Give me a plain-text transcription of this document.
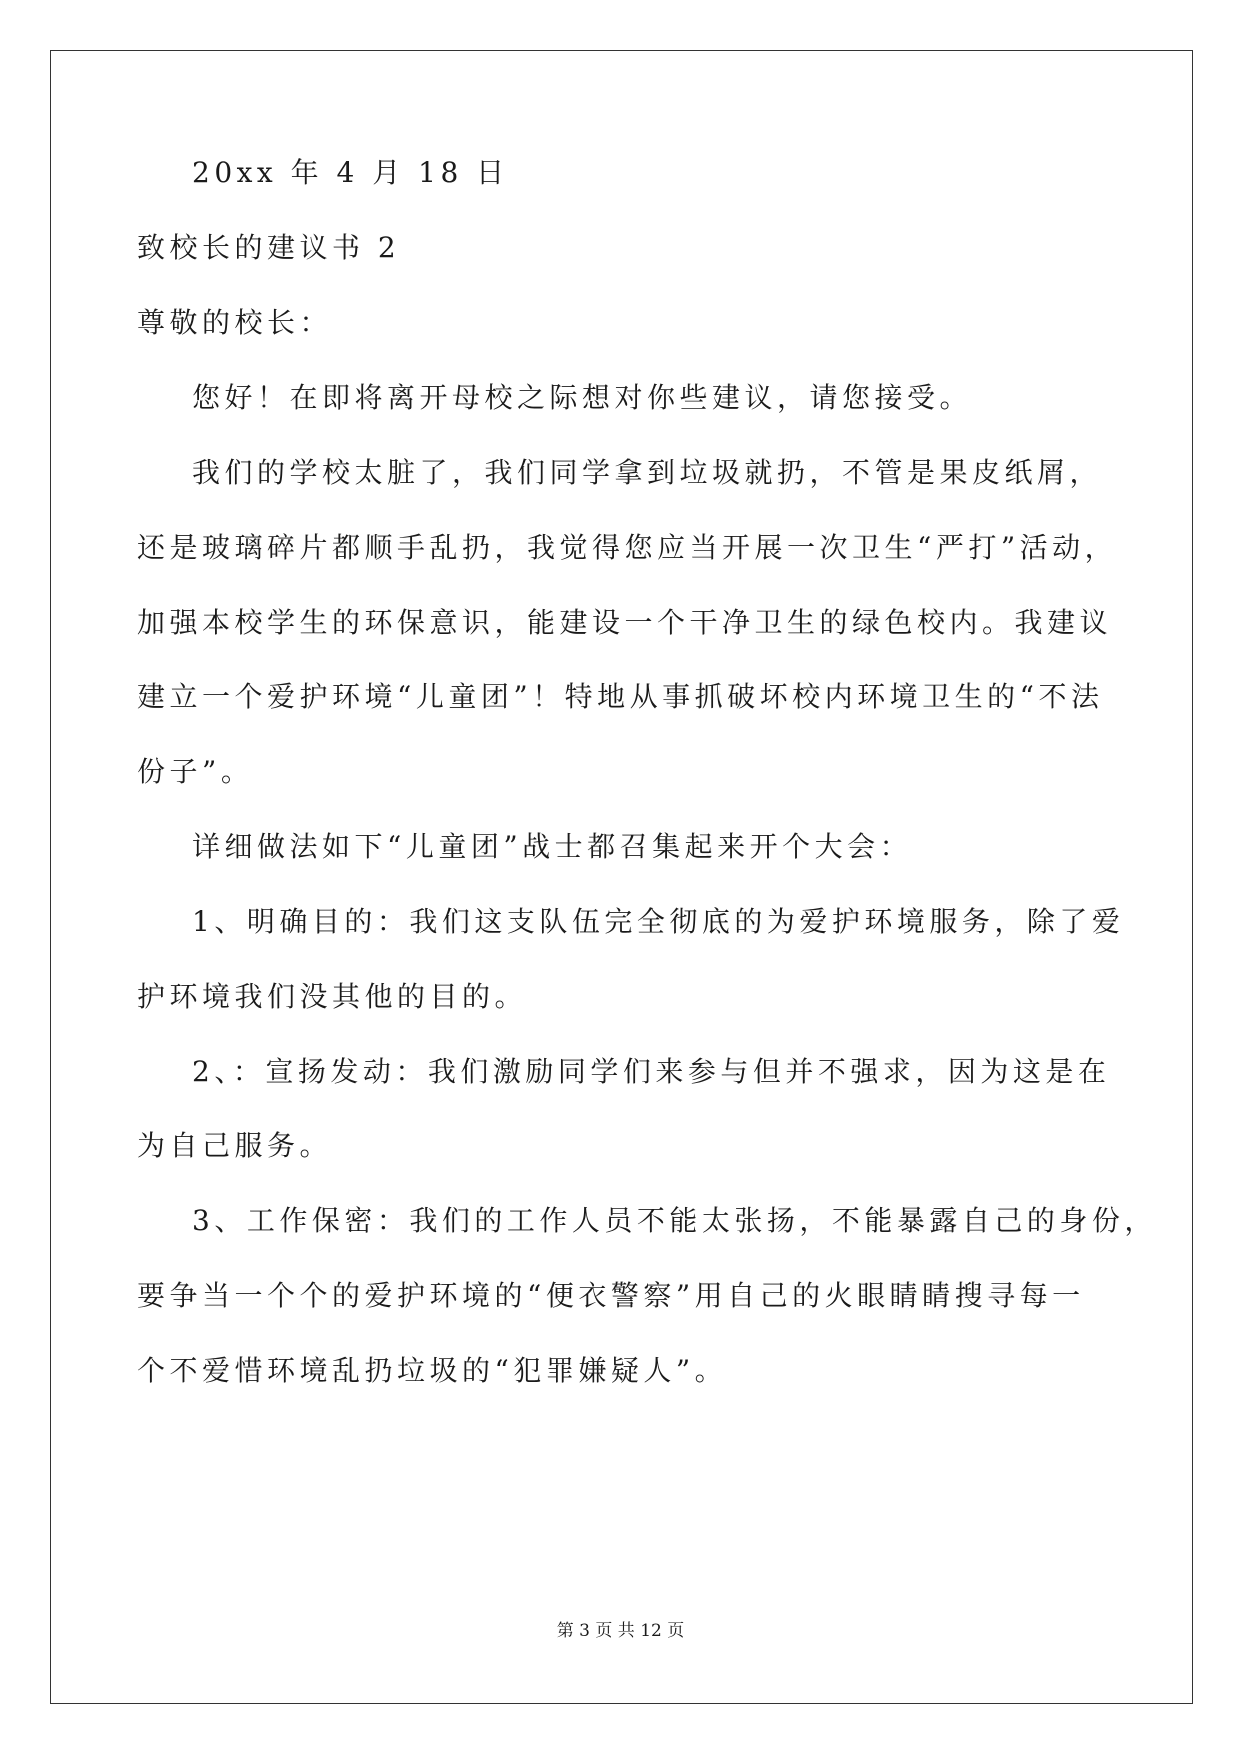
20xx 年 4 月 18 日
致校长的建议书 2
尊敬的校长：
您好！在即将离开母校之际想对你些建议，请您接受。
我们的学校太脏了，我们同学拿到垃圾就扔，不管是果皮纸屑，
还是玻璃碎片都顺手乱扔，我觉得您应当开展一次卫生“严打”活动，
加强本校学生的环保意识，能建设一个干净卫生的绿色校内。我建议
建立一个爱护环境“儿童团”！特地从事抓破坏校内环境卫生的“不法
份子”。
详细做法如下“儿童团”战士都召集起来开个大会：
1、明确目的：我们这支队伍完全彻底的为爱护环境服务，除了爱
护环境我们没其他的目的。
2、：宣扬发动：我们激励同学们来参与但并不强求，因为这是在
为自己服务。
3、工作保密：我们的工作人员不能太张扬，不能暴露自己的身份，
要争当一个个的爱护环境的“便衣警察”用自己的火眼睛睛搜寻每一
个不爱惜环境乱扔垃圾的“犯罪嫌疑人”。
第 3 页 共 12 页
